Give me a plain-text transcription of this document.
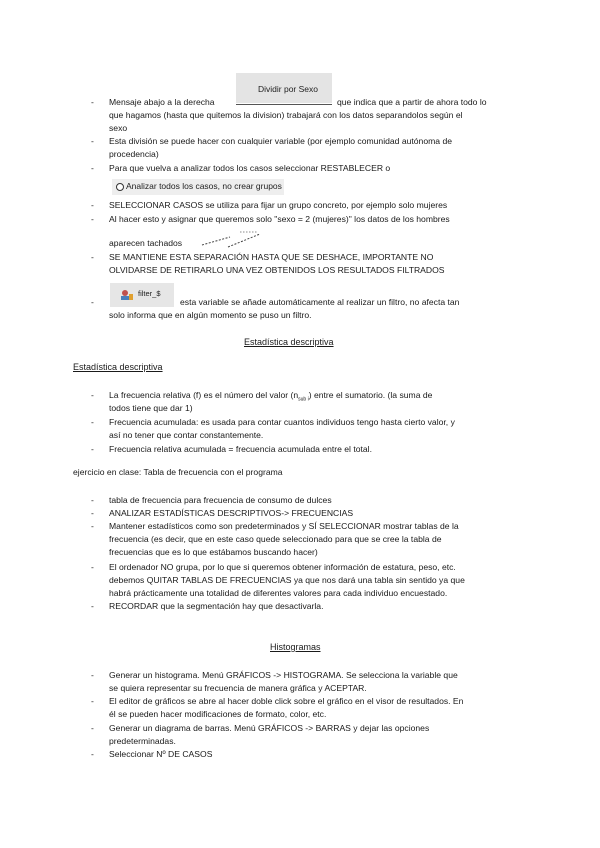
- Mensaje abajo a la derecha	que indica que a partir de ahora todo lo
que hagamos (hasta que quitemos la division) trabajará con los datos separandolos según el
sexo
Dividir por Sexo
- Esta división se puede hacer con cualquier variable (por ejemplo comunidad autónoma de
procedencia)
- Para que vuelva a analizar todos los casos seleccionar RESTABLECER o
Analizar todos los casos, no crear grupos
- SELECCIONAR CASOS se utiliza para fijar un grupo concreto, por ejemplo solo mujeres
- Al hacer esto y asignar que queremos solo "sexo = 2 (mujeres)" los datos de los hombres
aparecen tachados
- SE MANTIENE ESTA SEPARACIÓN HASTA QUE SE DESHACE, IMPORTANTE NO
OLVIDARSE DE RETIRARLO UNA VEZ OBTENIDOS LOS RESULTADOS FILTRADOS
filter_$
-	esta variable se añade automáticamente al realizar un filtro, no afecta tan
solo informa que en algún momento se puso un filtro.
Estadística descriptiva
Estadística descriptiva
- La frecuencia relativa (f) es el número del valor $(n_{sub i})$ entre el sumatorio. (la suma de
todos tiene que dar 1)
- Frecuencia acumulada: es usada para contar cuantos individuos tengo hasta cierto valor, y
así no tener que contar constantemente.
- Frecuencia relativa acumulada = frecuencia acumulada entre el total.
ejercicio en clase: Tabla de frecuencia con el programa
- tabla de frecuencia para frecuencia de consumo de dulces
- ANALIZAR ESTADÍSTICAS DESCRIPTIVOS-> FRECUENCIAS
- Mantener estadísticos como son predeterminados y SÍ SELECCIONAR mostrar tablas de la
frecuencia (es decir, que en este caso quede seleccionado para que se cree la tabla de
frecuencias que es lo que estábamos buscando hacer)
- El ordenador NO grupa, por lo que si queremos obtener información de estatura, peso, etc.
debemos QUITAR TABLAS DE FRECUENCIAS ya que nos dará una tabla sin sentido ya que
habrá prácticamente una totalidad de diferentes valores para cada individuo encuestado.
- RECORDAR que la segmentación hay que desactivarla.
Histogramas
- Generar un histograma. Menú GRÁFICOS -> HISTOGRAMA. Se selecciona la variable que
se quiera representar su frecuencia de manera gráfica y ACEPTAR.
- El editor de gráficos se abre al hacer doble click sobre el gráfico en el visor de resultados. En
él se pueden hacer modificaciones de formato, color, etc.
- Generar un diagrama de barras. Menú GRÁFICOS -> BARRAS y dejar las opciones
predeterminadas.
- Seleccionar Nº DE CASOS
